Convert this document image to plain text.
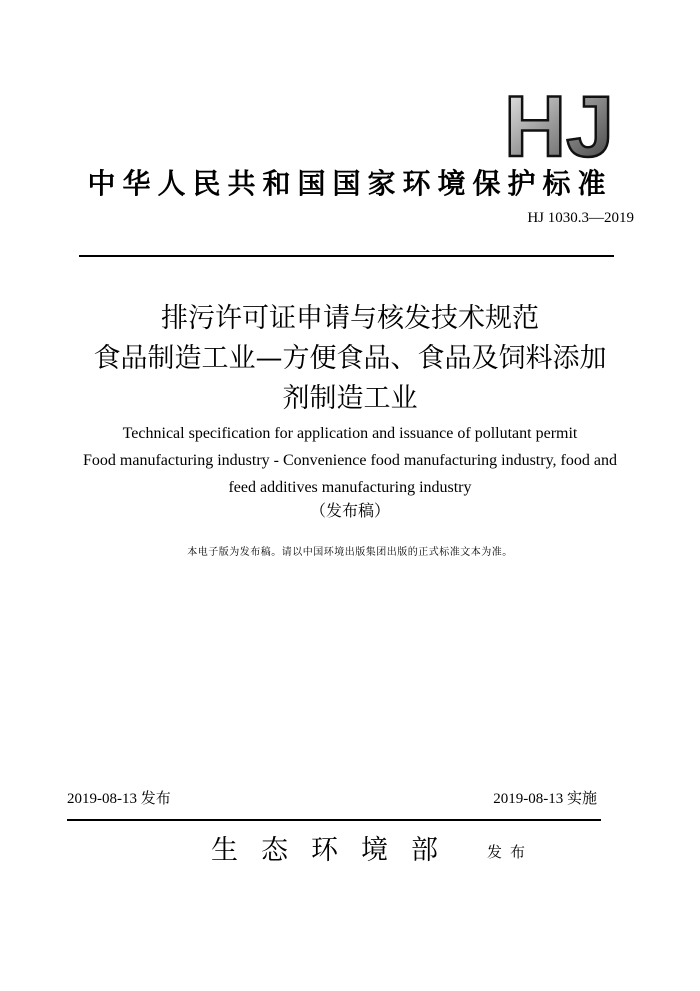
HJ
中华人民共和国国家环境保护标准
HJ 1030.3—2019
排污许可证申请与核发技术规范
食品制造工业—方便食品、食品及饲料添加
剂制造工业
Technical specification for application and issuance of pollutant permit
Food manufacturing industry - Convenience food manufacturing industry, food and
feed additives manufacturing industry
（发布稿）
本电子版为发布稿。请以中国环境出版集团出版的正式标准文本为准。
2019-08-13 发布	2019-08-13 实施
生态环境部 发布
